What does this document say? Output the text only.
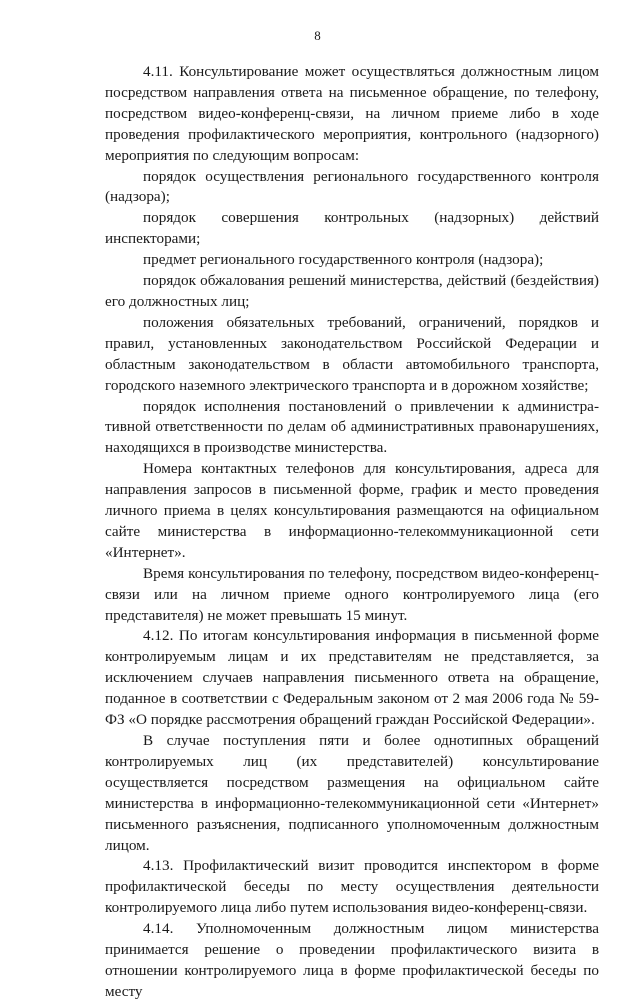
8

4.11. Консультирование может осуществляться должностным лицом посредством направления ответа на письменное обращение, по телефону, посредством видео-конференц-связи, на личном приеме либо в ходе проведения профилактического мероприятия, контрольного (надзорного) мероприятия по следующим вопросам:

порядок осуществления регионального государственного контроля (надзора);

порядок совершения контрольных (надзорных) действий инспекторами;

предмет регионального государственного контроля (надзора);

порядок обжалования решений министерства, действий (бездействия) его должностных лиц;

положения обязательных требований, ограничений, порядков и правил, установленных законодательством Российской Федерации и областным законодательством в области автомобильного транспорта, городского наземного электрического транспорта и в дорожном хозяйстве;

порядок исполнения постановлений о привлечении к административной ответственности по делам об административных правонарушениях, находящихся в производстве министерства.

Номера контактных телефонов для консультирования, адреса для направления запросов в письменной форме, график и место проведения личного приема в целях консультирования размещаются на официальном сайте министерства в информационно-телекоммуникационной сети «Интернет».

Время консультирования по телефону, посредством видео-конференц-связи или на личном приеме одного контролируемого лица (его представителя) не может превышать 15 минут.

4.12. По итогам консультирования информация в письменной форме контролируемым лицам и их представителям не представляется, за исключением случаев направления письменного ответа на обращение, поданное в соответствии с Федеральным законом от 2 мая 2006 года № 59-ФЗ «О порядке рассмотрения обращений граждан Российской Федерации».

В случае поступления пяти и более однотипных обращений контролируемых лиц (их представителей) консультирование осуществляется посредством размещения на официальном сайте министерства в информационно-телекоммуникационной сети «Интернет» письменного разъяснения, подписанного уполномоченным должностным лицом.

4.13. Профилактический визит проводится инспектором в форме профилактической беседы по месту осуществления деятельности контролируемого лица либо путем использования видео-конференц-связи.

4.14. Уполномоченным должностным лицом министерства принимается решение о проведении профилактического визита в отношении контролируемого лица в форме профилактической беседы по месту
